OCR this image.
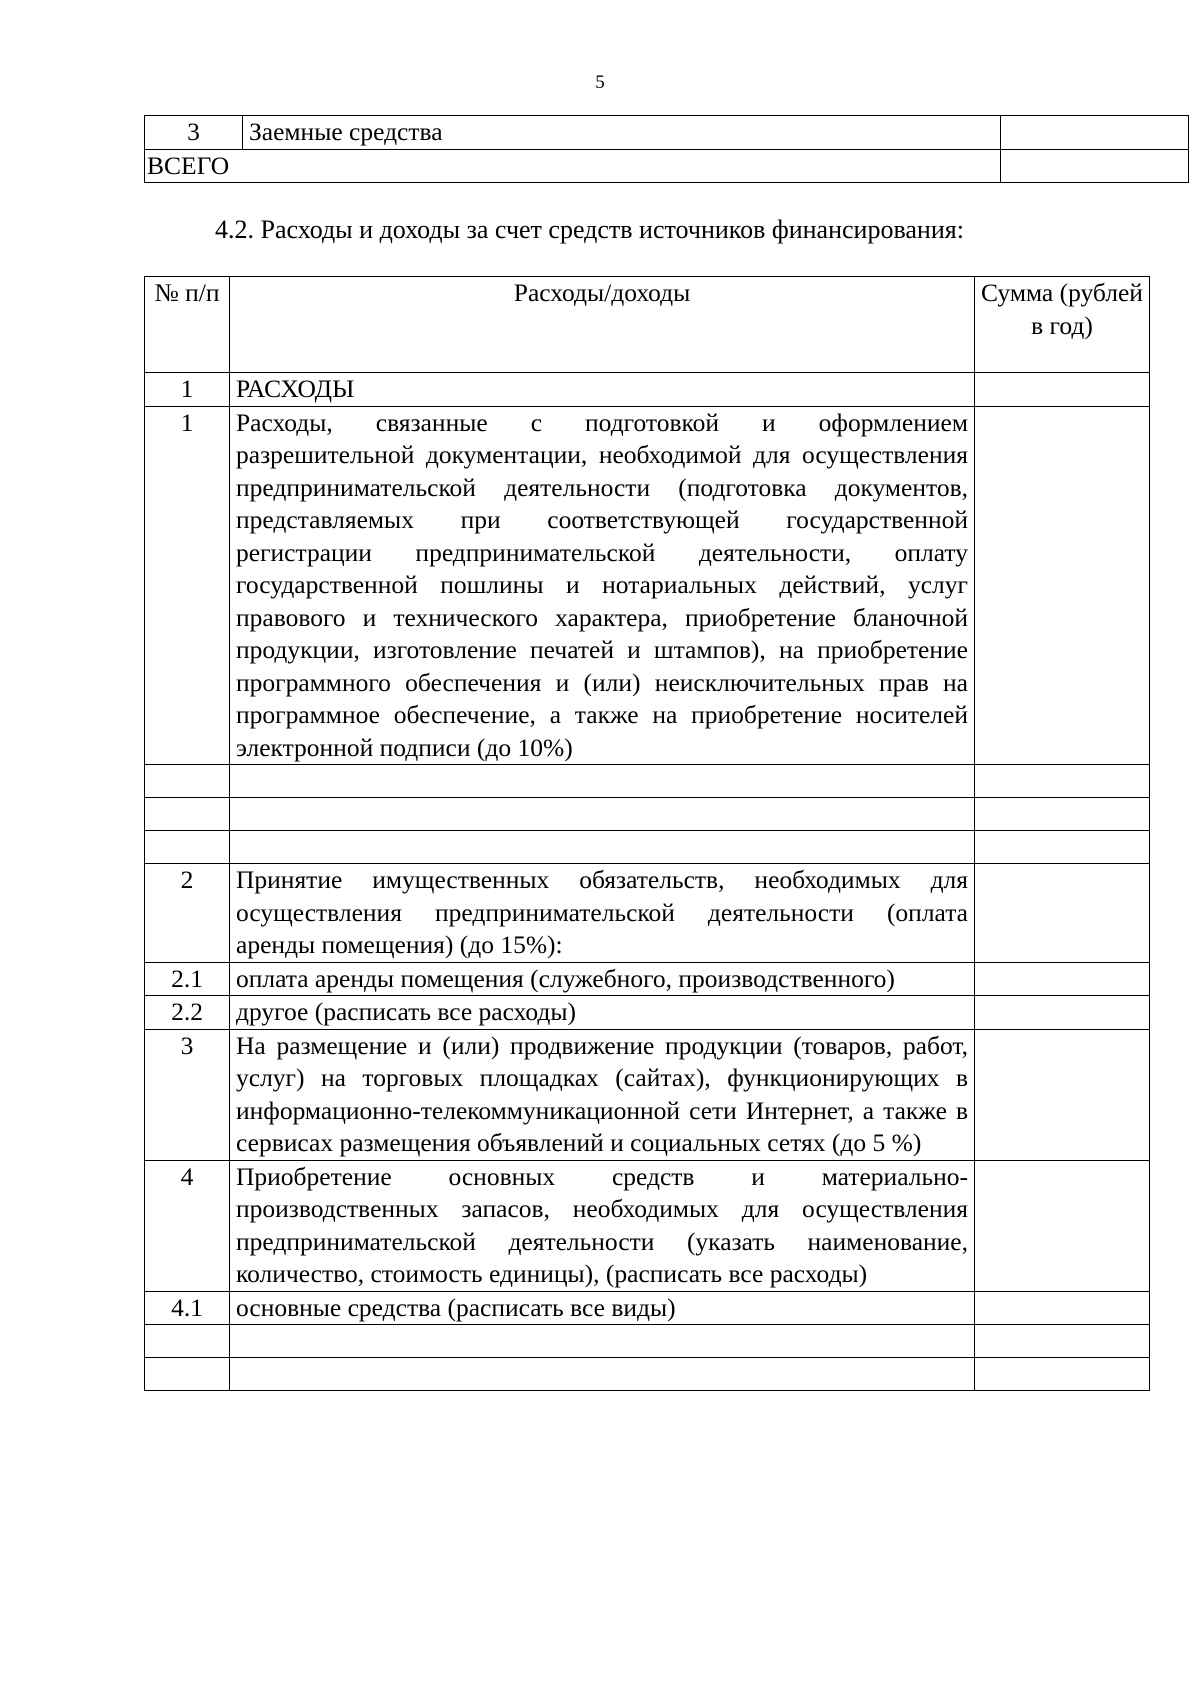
5
3	Заемные средства	
ВСЕГО		
4.2. Расходы и доходы за счет средств источников финансирования:
№ п/п	Расходы/доходы	Сумма (рублей в год)
1	РАСХОДЫ	
1	Расходы, связанные с подготовкой и оформлением разрешительной документации, необходимой для осуществления предпринимательской деятельности (подготовка документов, представляемых при соответствующей государственной регистрации предпринимательской деятельности, оплату государственной пошлины и нотариальных действий, услуг правового и технического характера, приобретение бланочной продукции, изготовление печатей и штампов), на приобретение программного обеспечения и (или) неисключительных прав на программное обеспечение, а также на приобретение носителей электронной подписи (до 10%)	

2	Принятие имущественных обязательств, необходимых для осуществления предпринимательской деятельности (оплата аренды помещения) (до 15%):	
2.1	оплата аренды помещения (служебного, производственного)	
2.2	другое (расписать все расходы)	
3	На размещение и (или) продвижение продукции (товаров, работ, услуг) на торговых площадках (сайтах), функционирующих в информационно-телекоммуникационной сети Интернет, а также в сервисах размещения объявлений и социальных сетях (до 5 %)	
4	Приобретение основных средств и материально-производственных запасов, необходимых для осуществления предпринимательской деятельности (указать наименование, количество, стоимость единицы), (расписать все расходы)	
4.1	основные средства (расписать все виды)	
